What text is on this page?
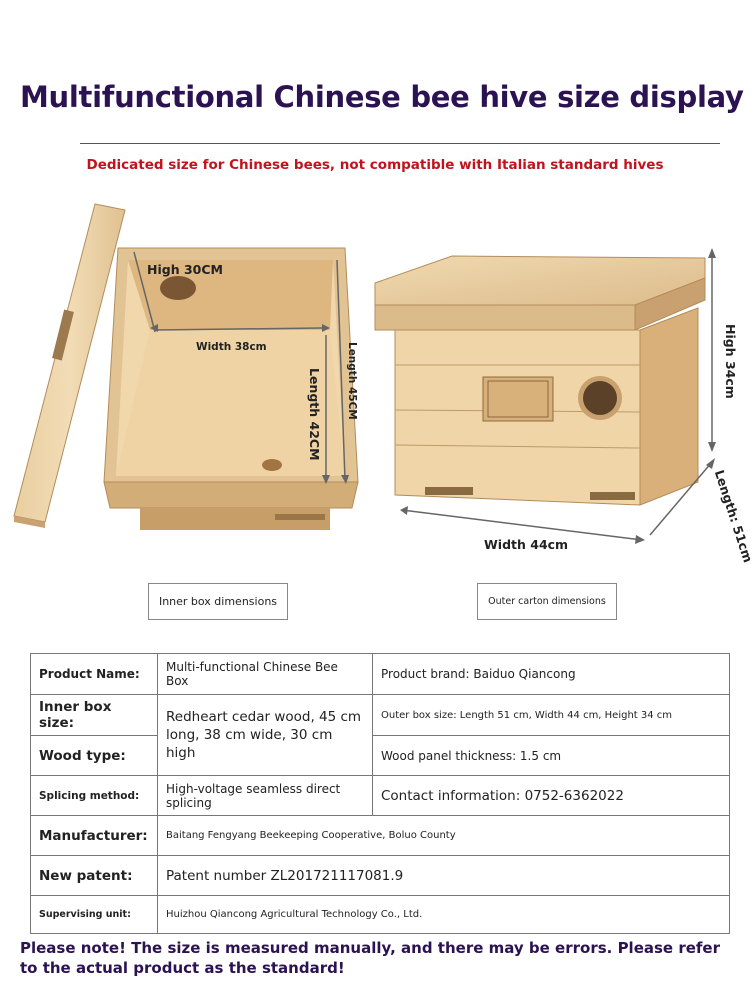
Multifunctional Chinese bee hive size display
Dedicated size for Chinese bees, not compatible with Italian standard hives
High 30CM
Width 38cm
Length 42CM Length 45CM	High 34cm
Width 44cm	Length: 51cm
Inner box dimensions	Outer carton dimensions
Product Name:	Multi-functional Chinese Bee Box	Product brand: Baiduo Qiancong
Inner box size:	Redheart cedar wood, 45 cm long, 38 cm wide, 30 cm high	Outer box size: Length 51 cm, Width 44 cm, Height 34 cm
Wood type:		Wood panel thickness: 1.5 cm
Splicing method:	High-voltage seamless direct splicing	Contact information: 0752-6362022
Manufacturer:	Baitang Fengyang Beekeeping Cooperative, Boluo County	
New patent:	Patent number ZL201721117081.9	
Supervising unit:	Huizhou Qiancong Agricultural Technology Co., Ltd.	
Please note! The size is measured manually, and there may be errors. Please refer to the actual product as the standard!
